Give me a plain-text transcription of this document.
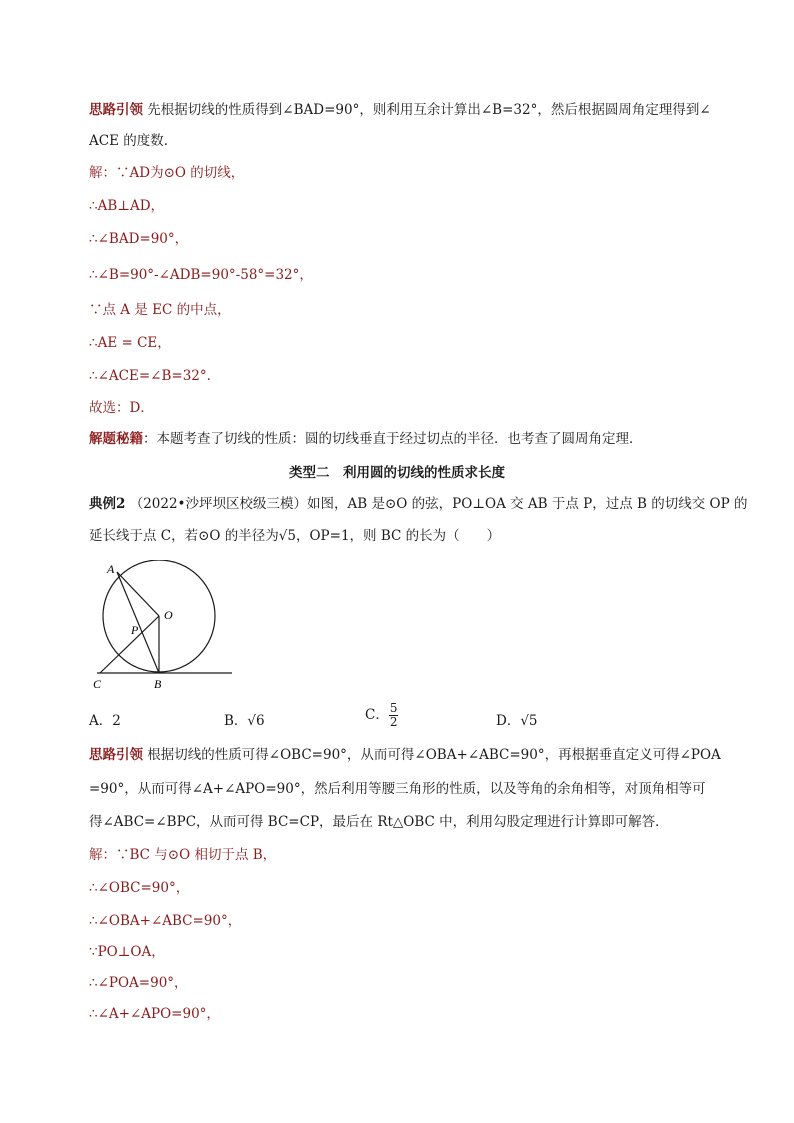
思路引领 先根据切线的性质得到∠BAD=90°，则利用互余计算出∠B=32°，然后根据圆周角定理得到∠
ACE 的度数．
解：∵AD为⊙O 的切线，
∴AB⊥AD，
∴∠BAD=90°，
∴∠B=90°-∠ADB=90°-58°=32°，
∵点 A 是 EC 的中点，
∴AE = CE，
∴∠ACE=∠B=32°．
故选：D．
解题秘籍：本题考查了切线的性质：圆的切线垂直于经过切点的半径．也考查了圆周角定理．
类型二　利用圆的切线的性质求长度
典例2 （2022•沙坪坝区校级三模）如图，AB 是⊙O 的弦，PO⊥OA 交 AB 于点 P，过点 B 的切线交 OP 的
延长线于点 C，若⊙O 的半径为√5，OP=1，则 BC 的长为（　　）
A
O
P
C	B
A．2	B．√6	C． $\frac{5}{2}$	D．√5
思路引领 根据切线的性质可得∠OBC=90°，从而可得∠OBA+∠ABC=90°，再根据垂直定义可得∠POA
=90°，从而可得∠A+∠APO=90°，然后利用等腰三角形的性质，以及等角的余角相等，对顶角相等可
得∠ABC=∠BPC，从而可得 BC=CP，最后在 Rt△OBC 中，利用勾股定理进行计算即可解答．
解：∵BC 与⊙O 相切于点 B，
∴∠OBC=90°，
∴∠OBA+∠ABC=90°，
∵PO⊥OA，
∴∠POA=90°，
∴∠A+∠APO=90°，
